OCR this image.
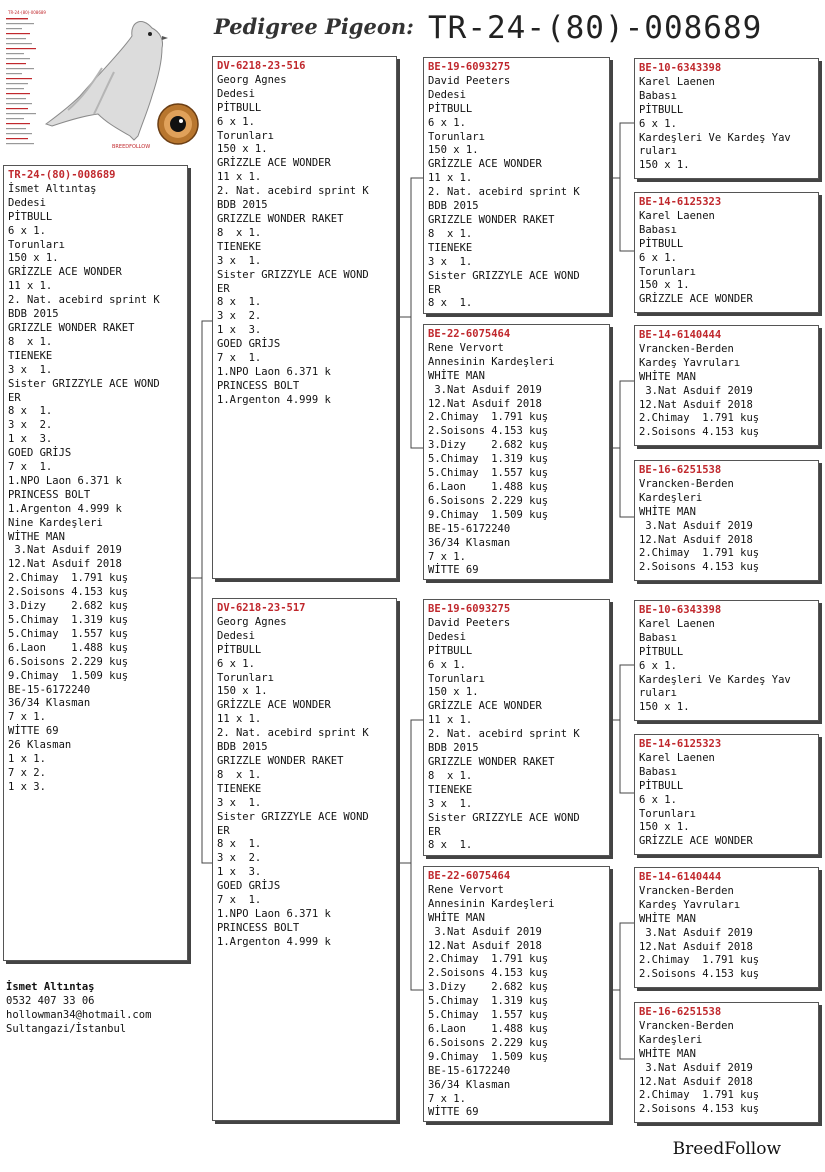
TR-24-(80)-008689
BREEDFOLLOW
Pedigree Pigeon: TR-24-(80)-008689
TR-24-(80)-008689
İsmet Altıntaş
Dedesi
PİTBULL
6 x 1.
Torunları
150 x 1.
GRİZZLE ACE WONDER
11 x 1.
2. Nat. acebird sprint K
BDB 2015
GRIZZLE WONDER RAKET
8  x 1.
TIENEKE
3 x  1.
Sister GRIZZYLE ACE WOND
ER
8 x  1.
3 x  2.
1 x  3.
GOED GRİJS
7 x  1.
1.NPO Laon 6.371 k
PRINCESS BOLT
1.Argenton 4.999 k
Nine Kardeşleri
WİTHE MAN
3.Nat Asduif 2019
12.Nat Asduif 2018
2.Chimay  1.791 kuş
2.Soisons 4.153 kuş
3.Dizy    2.682 kuş
5.Chimay  1.319 kuş
5.Chimay  1.557 kuş
6.Laon    1.488 kuş
6.Soisons 2.229 kuş
9.Chimay  1.509 kuş
BE-15-6172240
36/34 Klasman
7 x 1.
WİTTE 69
26 Klasman
1 x 1.
7 x 2.
1 x 3.
DV-6218-23-516
Georg Agnes
Dedesi
PİTBULL
6 x 1.
Torunları
150 x 1.
GRİZZLE ACE WONDER
11 x 1.
2. Nat. acebird sprint K
BDB 2015
GRIZZLE WONDER RAKET
8  x 1.
TIENEKE
3 x  1.
Sister GRIZZYLE ACE WOND
ER
8 x  1.
3 x  2.
1 x  3.
GOED GRİJS
7 x  1.
1.NPO Laon 6.371 k
PRINCESS BOLT
1.Argenton 4.999 k
DV-6218-23-517
Georg Agnes
Dedesi
PİTBULL
6 x 1.
Torunları
150 x 1.
GRİZZLE ACE WONDER
11 x 1.
2. Nat. acebird sprint K
BDB 2015
GRIZZLE WONDER RAKET
8  x 1.
TIENEKE
3 x  1.
Sister GRIZZYLE ACE WOND
ER
8 x  1.
3 x  2.
1 x  3.
GOED GRİJS
7 x  1.
1.NPO Laon 6.371 k
PRINCESS BOLT
1.Argenton 4.999 k
BE-19-6093275
David Peeters
Dedesi
PİTBULL
6 x 1.
Torunları
150 x 1.
GRİZZLE ACE WONDER
11 x 1.
2. Nat. acebird sprint K
BDB 2015
GRIZZLE WONDER RAKET
8  x 1.
TIENEKE
3 x  1.
Sister GRIZZYLE ACE WOND
ER
8 x  1.
BE-22-6075464
Rene Vervort
Annesinin Kardeşleri
WHİTE MAN
3.Nat Asduif 2019
12.Nat Asduif 2018
2.Chimay  1.791 kuş
2.Soisons 4.153 kuş
3.Dizy    2.682 kuş
5.Chimay  1.319 kuş
5.Chimay  1.557 kuş
6.Laon    1.488 kuş
6.Soisons 2.229 kuş
9.Chimay  1.509 kuş
BE-15-6172240
36/34 Klasman
7 x 1.
WİTTE 69
BE-19-6093275
David Peeters
Dedesi
PİTBULL
6 x 1.
Torunları
150 x 1.
GRİZZLE ACE WONDER
11 x 1.
2. Nat. acebird sprint K
BDB 2015
GRIZZLE WONDER RAKET
8  x 1.
TIENEKE
3 x  1.
Sister GRIZZYLE ACE WOND
ER
8 x  1.
BE-22-6075464
Rene Vervort
Annesinin Kardeşleri
WHİTE MAN
3.Nat Asduif 2019
12.Nat Asduif 2018
2.Chimay  1.791 kuş
2.Soisons 4.153 kuş
3.Dizy    2.682 kuş
5.Chimay  1.319 kuş
5.Chimay  1.557 kuş
6.Laon    1.488 kuş
6.Soisons 2.229 kuş
9.Chimay  1.509 kuş
BE-15-6172240
36/34 Klasman
7 x 1.
WİTTE 69
BE-10-6343398
Karel Laenen
Babası
PİTBULL
6 x 1.
Kardeşleri Ve Kardeş Yav
ruları
150 x 1.
BE-14-6125323
Karel Laenen
Babası
PİTBULL
6 x 1.
Torunları
150 x 1.
GRİZZLE ACE WONDER
BE-14-6140444
Vrancken-Berden
Kardeş Yavruları
WHİTE MAN
3.Nat Asduif 2019
12.Nat Asduif 2018
2.Chimay  1.791 kuş
2.Soisons 4.153 kuş
BE-16-6251538
Vrancken-Berden
Kardeşleri
WHİTE MAN
3.Nat Asduif 2019
12.Nat Asduif 2018
2.Chimay  1.791 kuş
2.Soisons 4.153 kuş
BE-10-6343398
Karel Laenen
Babası
PİTBULL
6 x 1.
Kardeşleri Ve Kardeş Yav
ruları
150 x 1.
BE-14-6125323
Karel Laenen
Babası
PİTBULL
6 x 1.
Torunları
150 x 1.
GRİZZLE ACE WONDER
BE-14-6140444
Vrancken-Berden
Kardeş Yavruları
WHİTE MAN
3.Nat Asduif 2019
12.Nat Asduif 2018
2.Chimay  1.791 kuş
2.Soisons 4.153 kuş
BE-16-6251538
Vrancken-Berden
Kardeşleri
WHİTE MAN
3.Nat Asduif 2019
12.Nat Asduif 2018
2.Chimay  1.791 kuş
2.Soisons 4.153 kuş
İsmet Altıntaş
0532 407 33 06
hollowman34@hotmail.com
Sultangazi/İstanbul
BreedFollow
